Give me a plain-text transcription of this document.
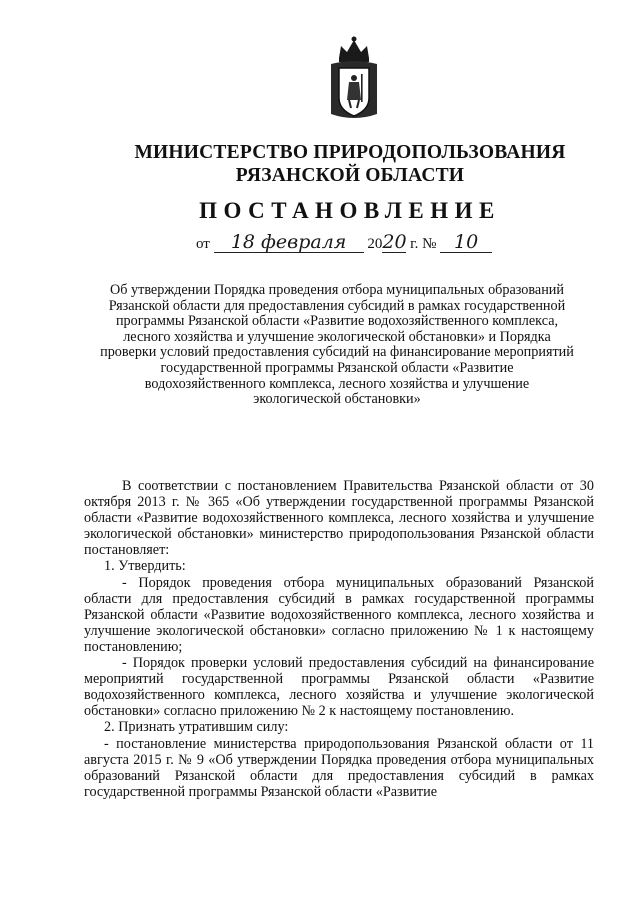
МИНИСТЕРСТВО ПРИРОДОПОЛЬЗОВАНИЯ
РЯЗАНСКОЙ ОБЛАСТИ
ПОСТАНОВЛЕНИЕ
от 18 февраля 2020 г. № 10
Об утверждении Порядка проведения отбора муниципальных образований
Рязанской области для предоставления субсидий в рамках государственной
программы Рязанской области «Развитие водохозяйственного комплекса,
лесного хозяйства и улучшение экологической обстановки» и Порядка
проверки условий предоставления субсидий на финансирование мероприятий
государственной программы Рязанской области «Развитие
водохозяйственного комплекса, лесного хозяйства и улучшение
экологической обстановки»

В соответствии с постановлением Правительства Рязанской области от 30 октября 2013 г. № 365 «Об утверждении государственной программы Рязанской области «Развитие водохозяйственного комплекса, лесного хозяйства и улучшение экологической обстановки» министерство природопользования Рязанской области постановляет:

1. Утвердить:

- Порядок проведения отбора муниципальных образований Рязанской области для предоставления субсидий в рамках государственной программы Рязанской области «Развитие водохозяйственного комплекса, лесного хозяйства и улучшение экологической обстановки» согласно приложению № 1 к настоящему постановлению;

- Порядок проверки условий предоставления субсидий на финансирование мероприятий государственной программы Рязанской области «Развитие водохозяйственного комплекса, лесного хозяйства и улучшение экологической обстановки» согласно приложению № 2 к настоящему постановлению.

2. Признать утратившим силу:

- постановление министерства природопользования Рязанской области от 11 августа 2015 г. № 9 «Об утверждении Порядка проведения отбора муниципальных образований Рязанской области для предоставления субсидий в рамках государственной программы Рязанской области «Развитие
